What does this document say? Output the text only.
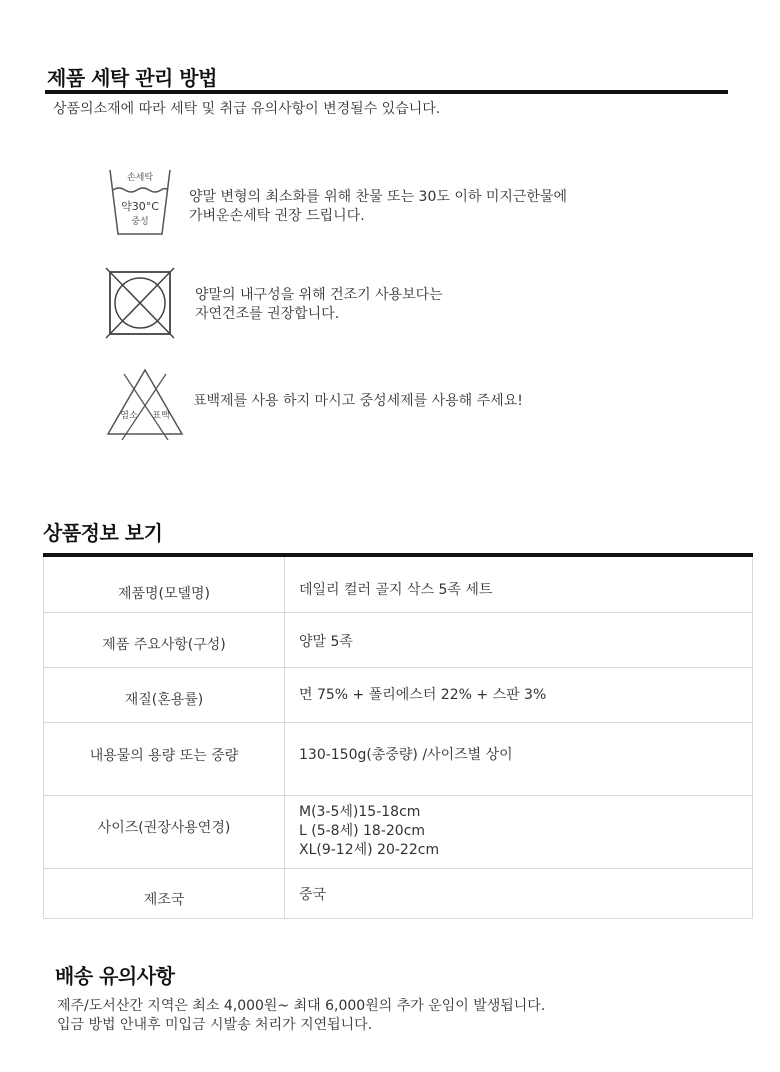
제품 세탁 관리 방법
상품의소재에 따라 세탁 및 취급 유의사항이 변경될수 있습니다.
손세탁
약30°C
중성
양말 변형의 최소화를 위해 찬물 또는 30도 이하 미지근한물에
가벼운손세탁 권장 드립니다.
양말의 내구성을 위해 건조기 사용보다는
자연건조를 권장합니다.
염소 표백
표백제를 사용 하지 마시고 중성세제를 사용해 주세요!
상품정보 보기
제품명(모델명)	데일리 컬러 골지 삭스 5족 세트

제품 주요사항(구성)	양말 5족

재질(혼용률)	면 75% + 폴리에스터 22% + 스판 3%

내용물의 용량 또는 중량	130-150g(총중량) /사이즈별 상이

사이즈(권장사용연경)	M(3-5세)15-18cm
L (5-8세) 18-20cm
XL(9-12세) 20-22cm

제조국	중국
배송 유의사항
제주/도서산간 지역은 최소 4,000원~ 최대 6,000원의 추가 운임이 발생됩니다.
입금 방법 안내후 미입금 시발송 처리가 지연됩니다.
